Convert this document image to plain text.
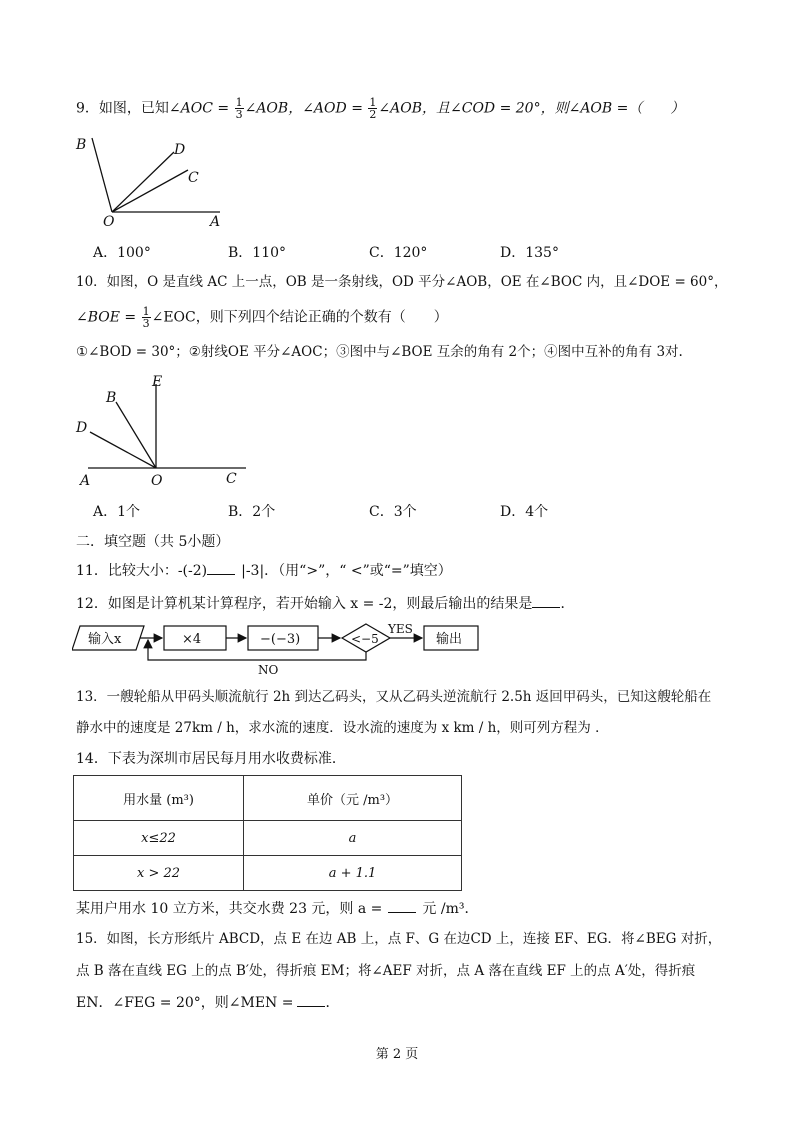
9．如图，已知∠AOC = $\frac{1}{3}$ ∠AOB，∠AOD = $\frac{1}{2}$ ∠AOB，且∠COD = 20°，则∠AOB =（　　）
B	D
C
O	A
A．100°	B．110°	C．120°	D．135°
10．如图，O 是直线 AC 上一点，OB 是一条射线，OD 平分∠AOB，OE 在∠BOC 内，且∠DOE = 60°，
∠BOE = $\frac{1}{3}$ ∠EOC，则下列四个结论正确的个数有（　　）
①∠BOD = 30°；②射线OE 平分∠AOC；③图中与∠BOE 互余的角有 2个；④图中互补的角有 3对.
E
B
D
A	O	C
A．1个	B．2个	C．3个	D．4个
二．填空题（共 5小题）
11．比较大小：-(-2) |-3|．（用“>”，“ <”或“=”填空）
12．如图是计算机某计算程序，若开始输入 x = -2，则最后输出的结果是 ．
输入x	×4	−(−3)	<−5
YES
NO
输出
13．一艘轮船从甲码头顺流航行 2h 到达乙码头，又从乙码头逆流航行 2.5h 返回甲码头，已知这艘轮船在
静水中的速度是 27km / h，求水流的速度．设水流的速度为 x km / h，则可列方程为 ．
14．下表为深圳市居民每月用水收费标准．
用水量 (m³)	单价（元 /m³）
x≤22	a
x > 22	a + 1.1
某用户用水 10 立方米，共交水费 23 元，则 a =	元 /m³．
15．如图，长方形纸片 ABCD，点 E 在边 AB 上，点 F、G 在边CD 上，连接 EF、EG．将∠BEG 对折，
点 B 落在直线 EG 上的点 B′处，得折痕 EM；将∠AEF 对折，点 A 落在直线 EF 上的点 A′处，得折痕
EN．∠FEG = 20°，则∠MEN = ．
第 2 页
